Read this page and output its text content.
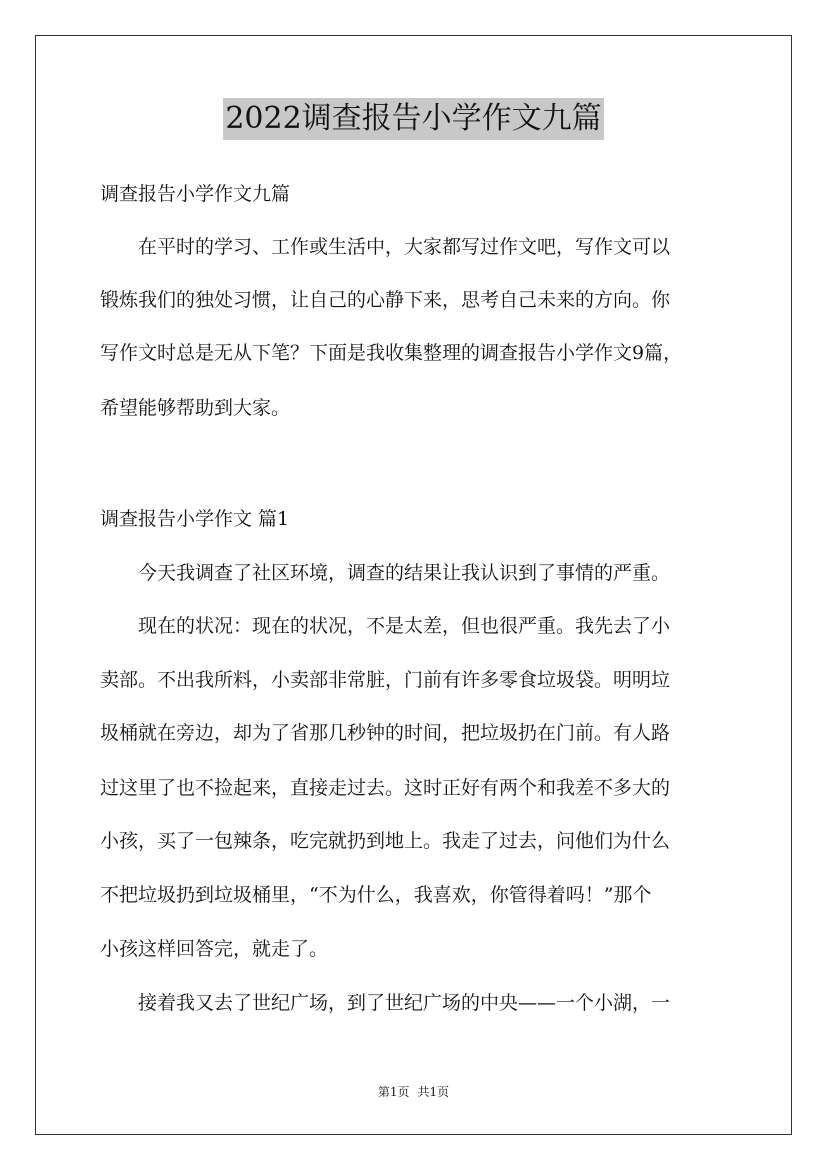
2022调查报告小学作文九篇
调查报告小学作文九篇
　　在平时的学习、工作或生活中，大家都写过作文吧，写作文可以
锻炼我们的独处习惯，让自己的心静下来，思考自己未来的方向。你
写作文时总是无从下笔？下面是我收集整理的调查报告小学作文9篇，
希望能够帮助到大家。
调查报告小学作文 篇1
　　今天我调查了社区环境，调查的结果让我认识到了事情的严重。
　　现在的状况：现在的状况，不是太差，但也很严重。我先去了小
卖部。不出我所料，小卖部非常脏，门前有许多零食垃圾袋。明明垃
圾桶就在旁边，却为了省那几秒钟的时间，把垃圾扔在门前。有人路
过这里了也不捡起来，直接走过去。这时正好有两个和我差不多大的
小孩，买了一包辣条，吃完就扔到地上。我走了过去，问他们为什么
不把垃圾扔到垃圾桶里，“不为什么，我喜欢，你管得着吗！”那个
小孩这样回答完，就走了。
　　接着我又去了世纪广场，到了世纪广场的中央——一个小湖，一
第1页 共1页
